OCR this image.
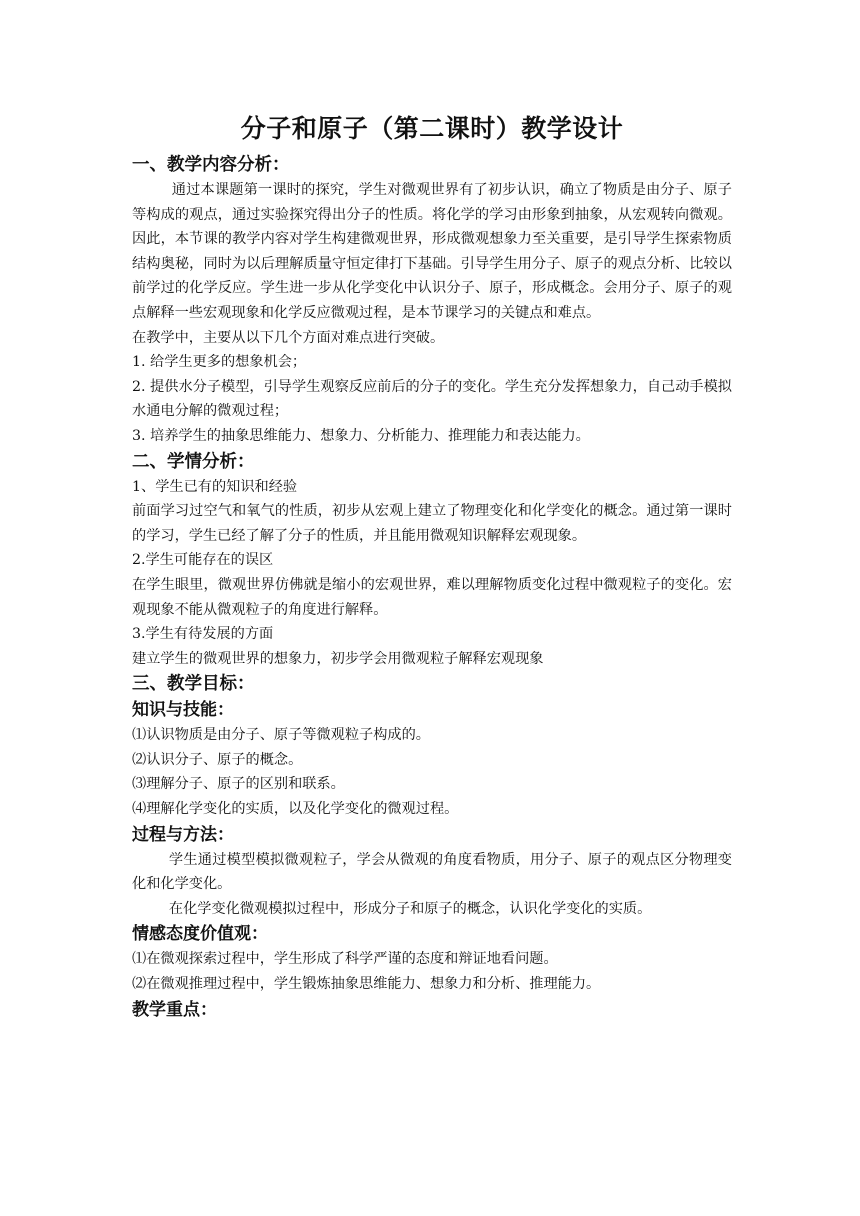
分子和原子（第二课时）教学设计
一、教学内容分析：

通过本课题第一课时的探究，学生对微观世界有了初步认识，确立了物质是由分子、原子等构成的观点，通过实验探究得出分子的性质。将化学的学习由形象到抽象，从宏观转向微观。因此，本节课的教学内容对学生构建微观世界，形成微观想象力至关重要，是引导学生探索物质结构奥秘，同时为以后理解质量守恒定律打下基础。引导学生用分子、原子的观点分析、比较以前学过的化学反应。学生进一步从化学变化中认识分子、原子，形成概念。会用分子、原子的观点解释一些宏观现象和化学反应微观过程，是本节课学习的关键点和难点。

在教学中，主要从以下几个方面对难点进行突破。

1. 给学生更多的想象机会；

2. 提供水分子模型，引导学生观察反应前后的分子的变化。学生充分发挥想象力，自己动手模拟水通电分解的微观过程；

3. 培养学生的抽象思维能力、想象力、分析能力、推理能力和表达能力。

二、学情分析：

1、学生已有的知识和经验

前面学习过空气和氧气的性质，初步从宏观上建立了物理变化和化学变化的概念。通过第一课时的学习，学生已经了解了分子的性质，并且能用微观知识解释宏观现象。

2.学生可能存在的误区

在学生眼里，微观世界仿佛就是缩小的宏观世界，难以理解物质变化过程中微观粒子的变化。宏观现象不能从微观粒子的角度进行解释。

3.学生有待发展的方面

建立学生的微观世界的想象力，初步学会用微观粒子解释宏观现象

三、教学目标：
知识与技能：

⑴认识物质是由分子、原子等微观粒子构成的。

⑵认识分子、原子的概念。

⑶理解分子、原子的区别和联系。

⑷理解化学变化的实质，以及化学变化的微观过程。

过程与方法：

学生通过模型模拟微观粒子，学会从微观的角度看物质，用分子、原子的观点区分物理变化和化学变化。

在化学变化微观模拟过程中，形成分子和原子的概念，认识化学变化的实质。

情感态度价值观：

⑴在微观探索过程中，学生形成了科学严谨的态度和辩证地看问题。

⑵在微观推理过程中，学生锻炼抽象思维能力、想象力和分析、推理能力。

教学重点：
